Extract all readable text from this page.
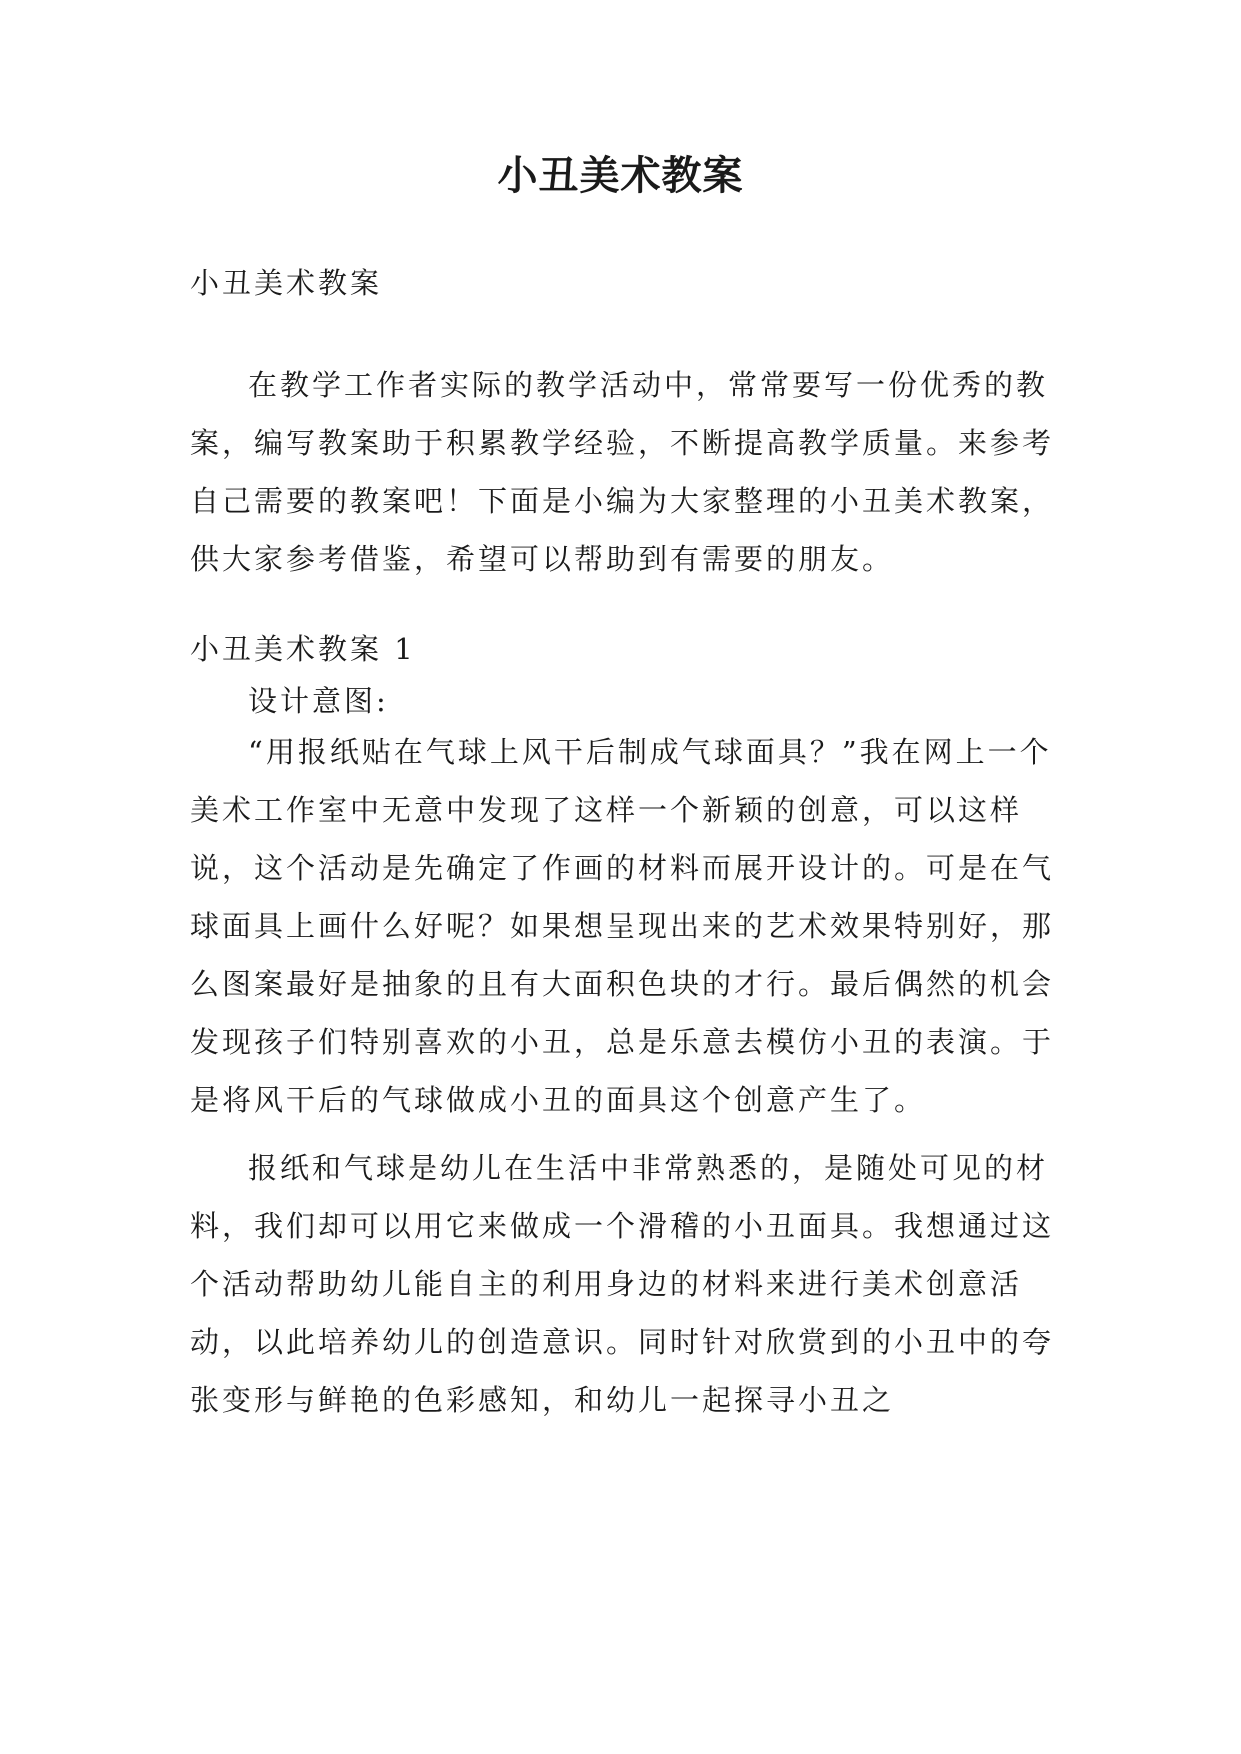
小丑美术教案

小丑美术教案

在教学工作者实际的教学活动中，常常要写一份优秀的教案，编写教案助于积累教学经验，不断提高教学质量。来参考自己需要的教案吧！下面是小编为大家整理的小丑美术教案，供大家参考借鉴，希望可以帮助到有需要的朋友。

小丑美术教案 1

设计意图:

“用报纸贴在气球上风干后制成气球面具？”我在网上一个美术工作室中无意中发现了这样一个新颖的创意，可以这样说，这个活动是先确定了作画的材料而展开设计的。可是在气球面具上画什么好呢？如果想呈现出来的艺术效果特别好，那么图案最好是抽象的且有大面积色块的才行。最后偶然的机会发现孩子们特别喜欢的小丑，总是乐意去模仿小丑的表演。于是将风干后的气球做成小丑的面具这个创意产生了。

报纸和气球是幼儿在生活中非常熟悉的，是随处可见的材料，我们却可以用它来做成一个滑稽的小丑面具。我想通过这个活动帮助幼儿能自主的利用身边的材料来进行美术创意活动，以此培养幼儿的创造意识。同时针对欣赏到的小丑中的夸张变形与鲜艳的色彩感知，和幼儿一起探寻小丑之
